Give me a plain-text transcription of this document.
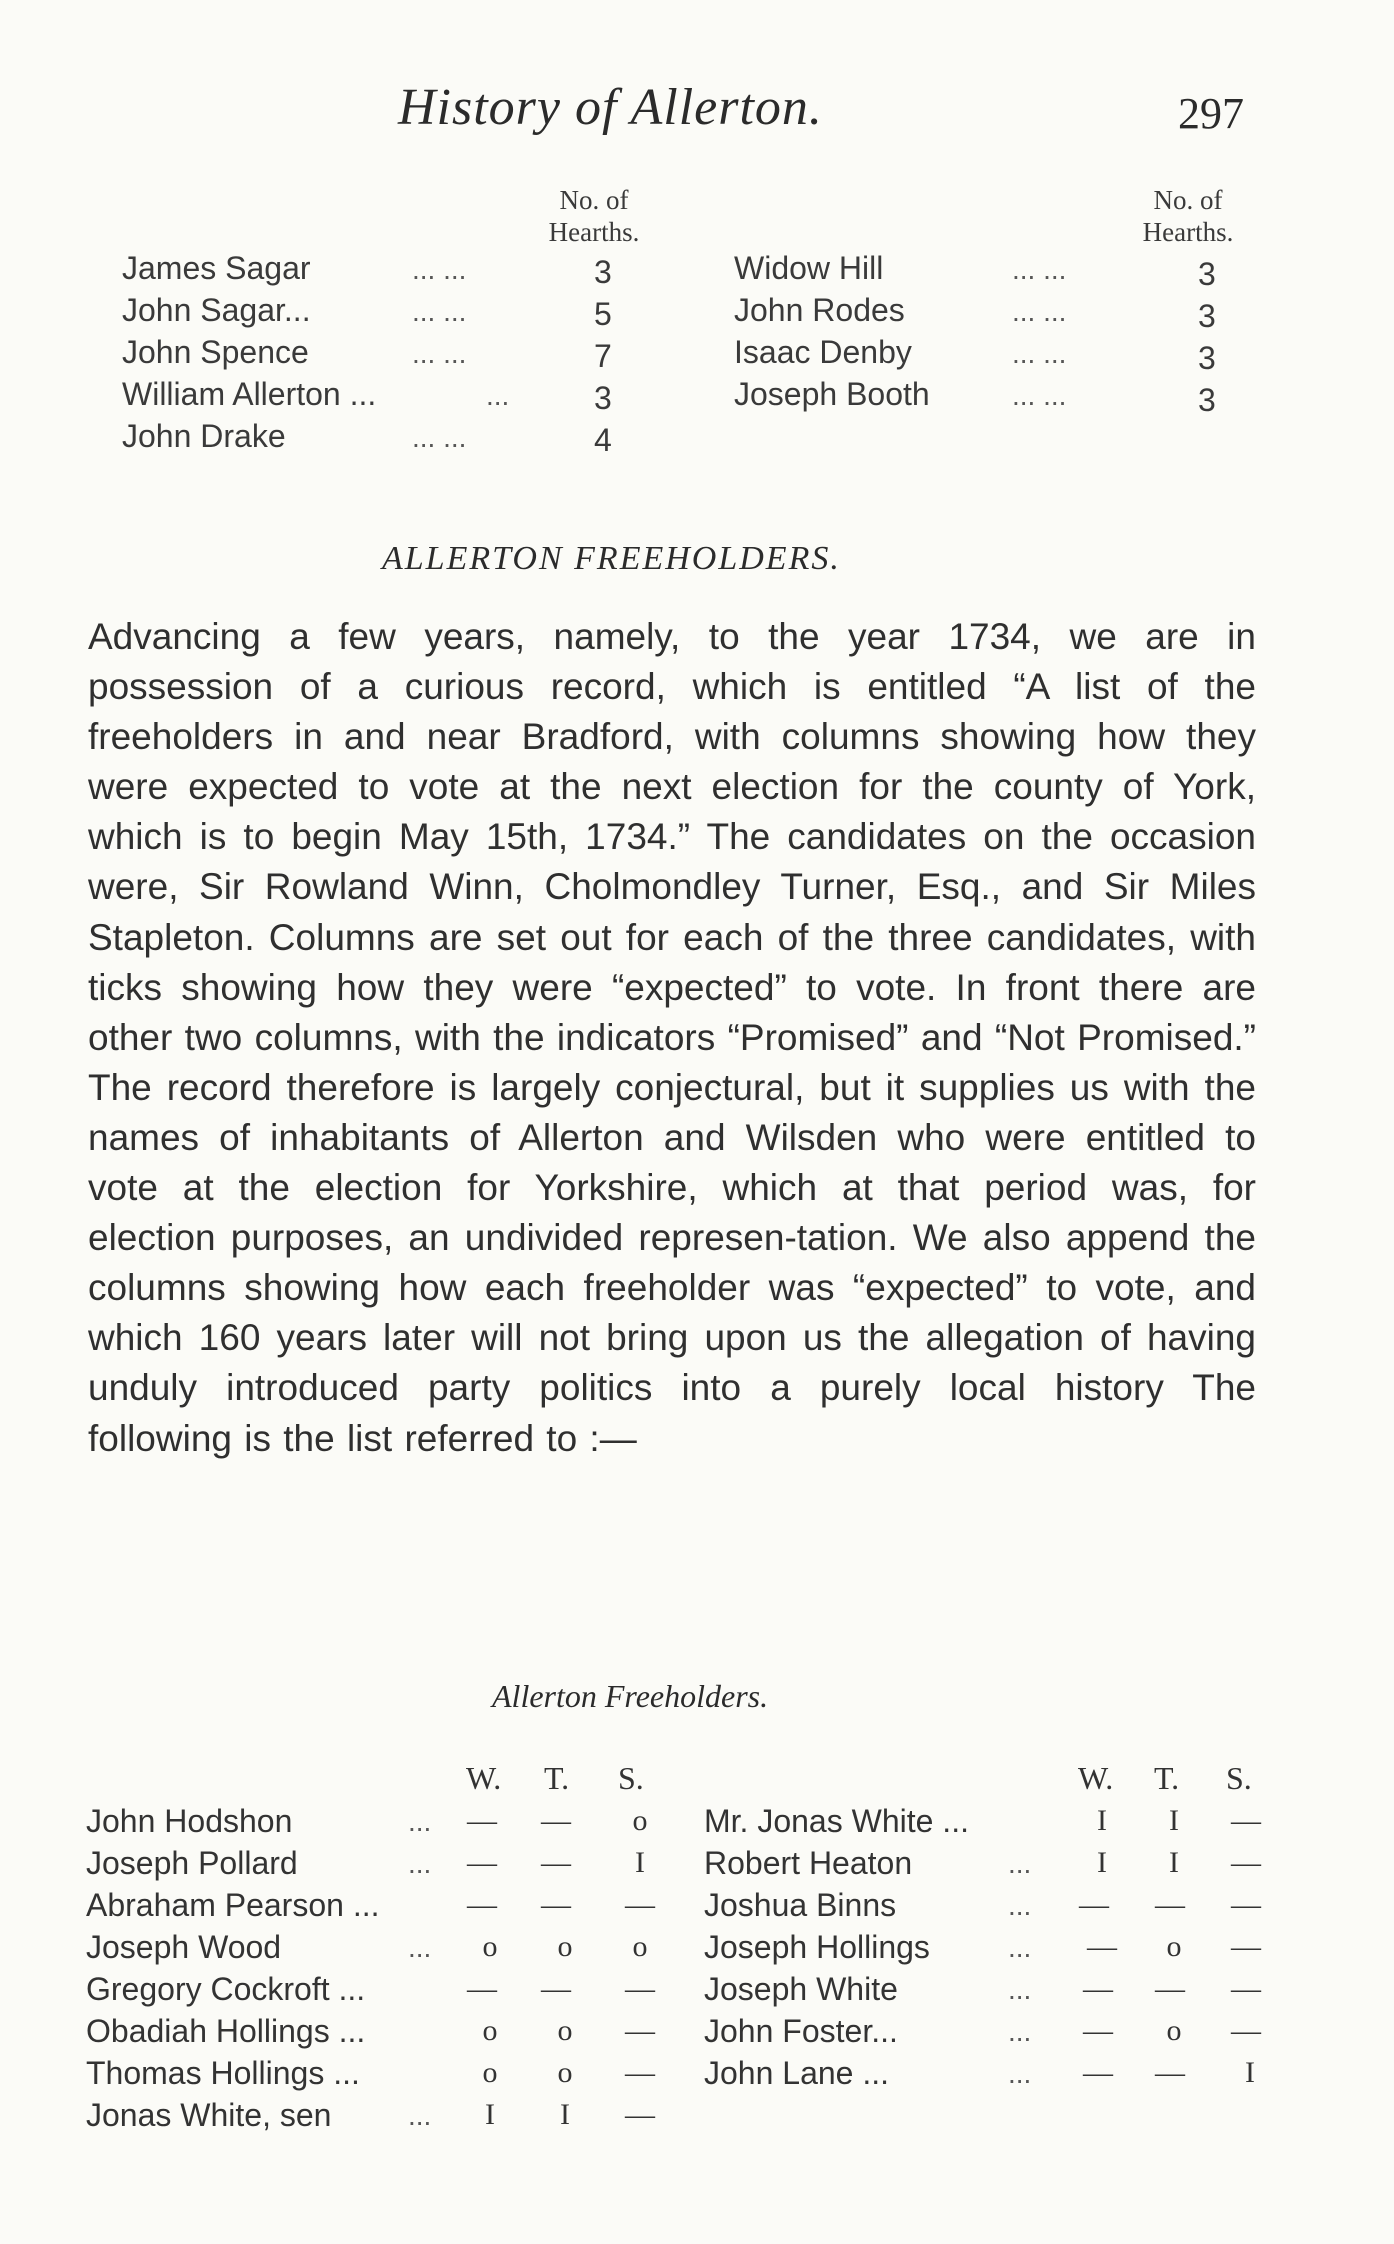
History of Allerton.	297
No. of
Hearths.
No. of
Hearths.
James Sagar	... ...	3
John Sagar...	... ...	5
John Spence	... ...	7
William Allerton ...	...	3
John Drake	... ...	4
Widow Hill	... ...	3
John Rodes	... ...	3
Isaac Denby	... ...	3
Joseph Booth	... ...	3
ALLERTON FREEHOLDERS.
Advancing a few years, namely, to the year 1734, we are in possession of a curious record, which is entitled “A list of the freeholders in and near Bradford, with columns showing how they were expected to vote at the next election for the county of York, which is to begin May 15th, 1734.” The candidates on the occasion were, Sir Rowland Winn, Cholmondley Turner, Esq., and Sir Miles Stapleton. Columns are set out for each of the three candidates, with ticks showing how they were “expected” to vote. In front there are other two columns, with the indicators “Promised” and “Not Promised.” The record therefore is largely conjectural, but it supplies us with the names of inhabitants of Allerton and Wilsden who were entitled to vote at the election for Yorkshire, which at that period was, for election purposes, an undivided represen-tation. We also append the columns showing how each freeholder was “expected” to vote, and which 160 years later will not bring upon us the allegation of having unduly introduced party politics into a purely local history The following is the list referred to :—
Allerton Freeholders.
W. T. S.	W. T. S.
John Hodshon	... — —	o
Joseph Pollard	... — —	I
Abraham Pearson ...	— — —
Joseph Wood	...	o	o	o
Gregory Cockroft ...	— — —
Obadiah Hollings ...	o	o	—
Thomas Hollings ...	o	o	—
Jonas White, sen	...	I	I	—
Mr. Jonas White ...	I	I	—
Robert Heaton	...	I	I	—
Joshua Binns	... — — —
Joseph Hollings	... —	o	—
Joseph White	... — — —
John Foster...	... —	o	—
John Lane ...	... — —	I
